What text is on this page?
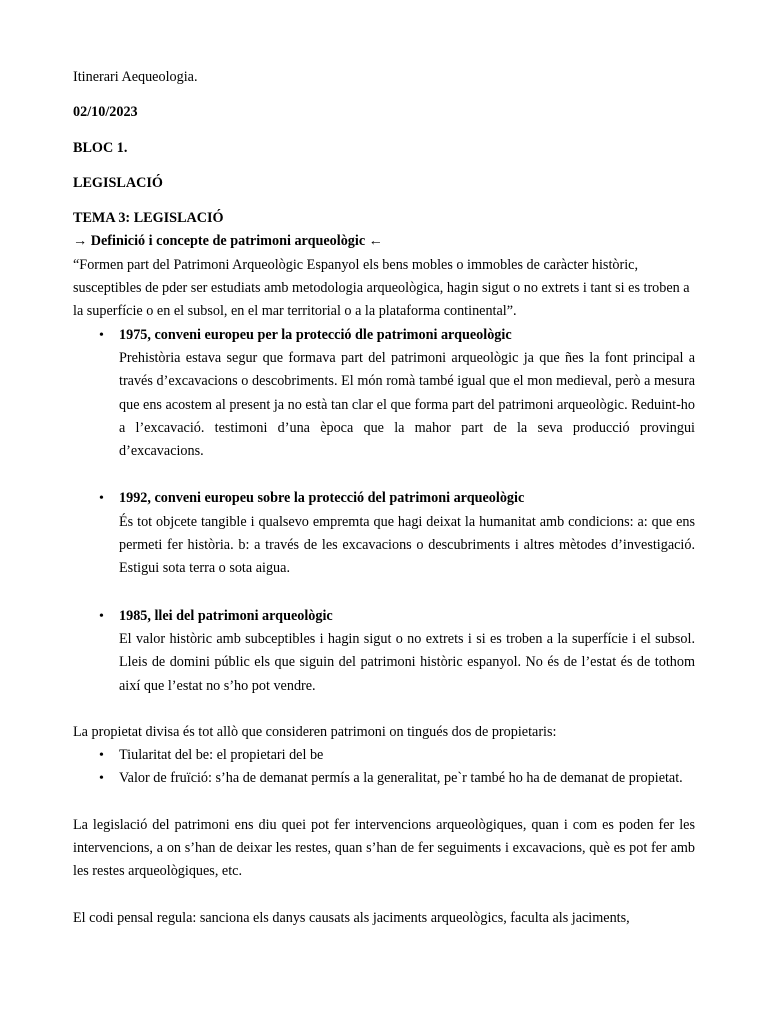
Itinerari Aequeologia.

02/10/2023

BLOC 1.

LEGISLACIÓ

TEMA 3: LEGISLACIÓ

→ Definició i concepte de patrimoni arqueològic ←

“Formen part del Patrimoni Arqueològic Espanyol els bens mobles o immobles de caràcter històric, susceptibles de pder ser estudiats amb metodologia arqueològica, hagin sigut o no extrets i tant si es troben a la superfície o en el subsol, en el mar territorial o a la plataforma continental”.

• 1975, conveni europeu per la protecció dle patrimoni arqueològic
Prehistòria estava segur que formava part del patrimoni arqueològic ja que ñes la font principal a través d’excavacions o descobriments. El món romà també igual que el mon medieval, però a mesura que ens acostem al present ja no està tan clar el que forma part del patrimoni arqueològic. Reduint-ho a l’excavació. testimoni d’una època que la mahor part de la seva producció provingui d’excavacions.
• 1992, conveni europeu sobre la protecció del patrimoni arqueològic
És tot objcete tangible i qualsevo empremta que hagi deixat la humanitat amb condicions: a: que ens permeti fer història. b: a través de les excavacions o descubriments i altres mètodes d’investigació. Estigui sota terra o sota aigua.
• 1985, llei del patrimoni arqueològic
El valor històric amb subceptibles i hagin sigut o no extrets i si es troben a la superfície i el subsol. Lleis de domini públic els que siguin del patrimoni històric espanyol. No és de l’estat és de tothom així que l’estat no s’ho pot vendre.

La propietat divisa és tot allò que consideren patrimoni on tingués dos de propietaris:

• Tiularitat del be: el propietari del be
• Valor de fruïció: s’ha de demanat permís a la generalitat, pe`r també ho ha de demanat de propietat.

La legislació del patrimoni ens diu quei pot fer intervencions arqueològiques, quan i com es poden fer les intervencions, a on s’han de deixar les restes, quan s’han de fer seguiments i excavacions, què es pot fer amb les restes arqueològiques, etc.

El codi pensal regula: sanciona els danys causats als jaciments arqueològics, faculta als jaciments,
